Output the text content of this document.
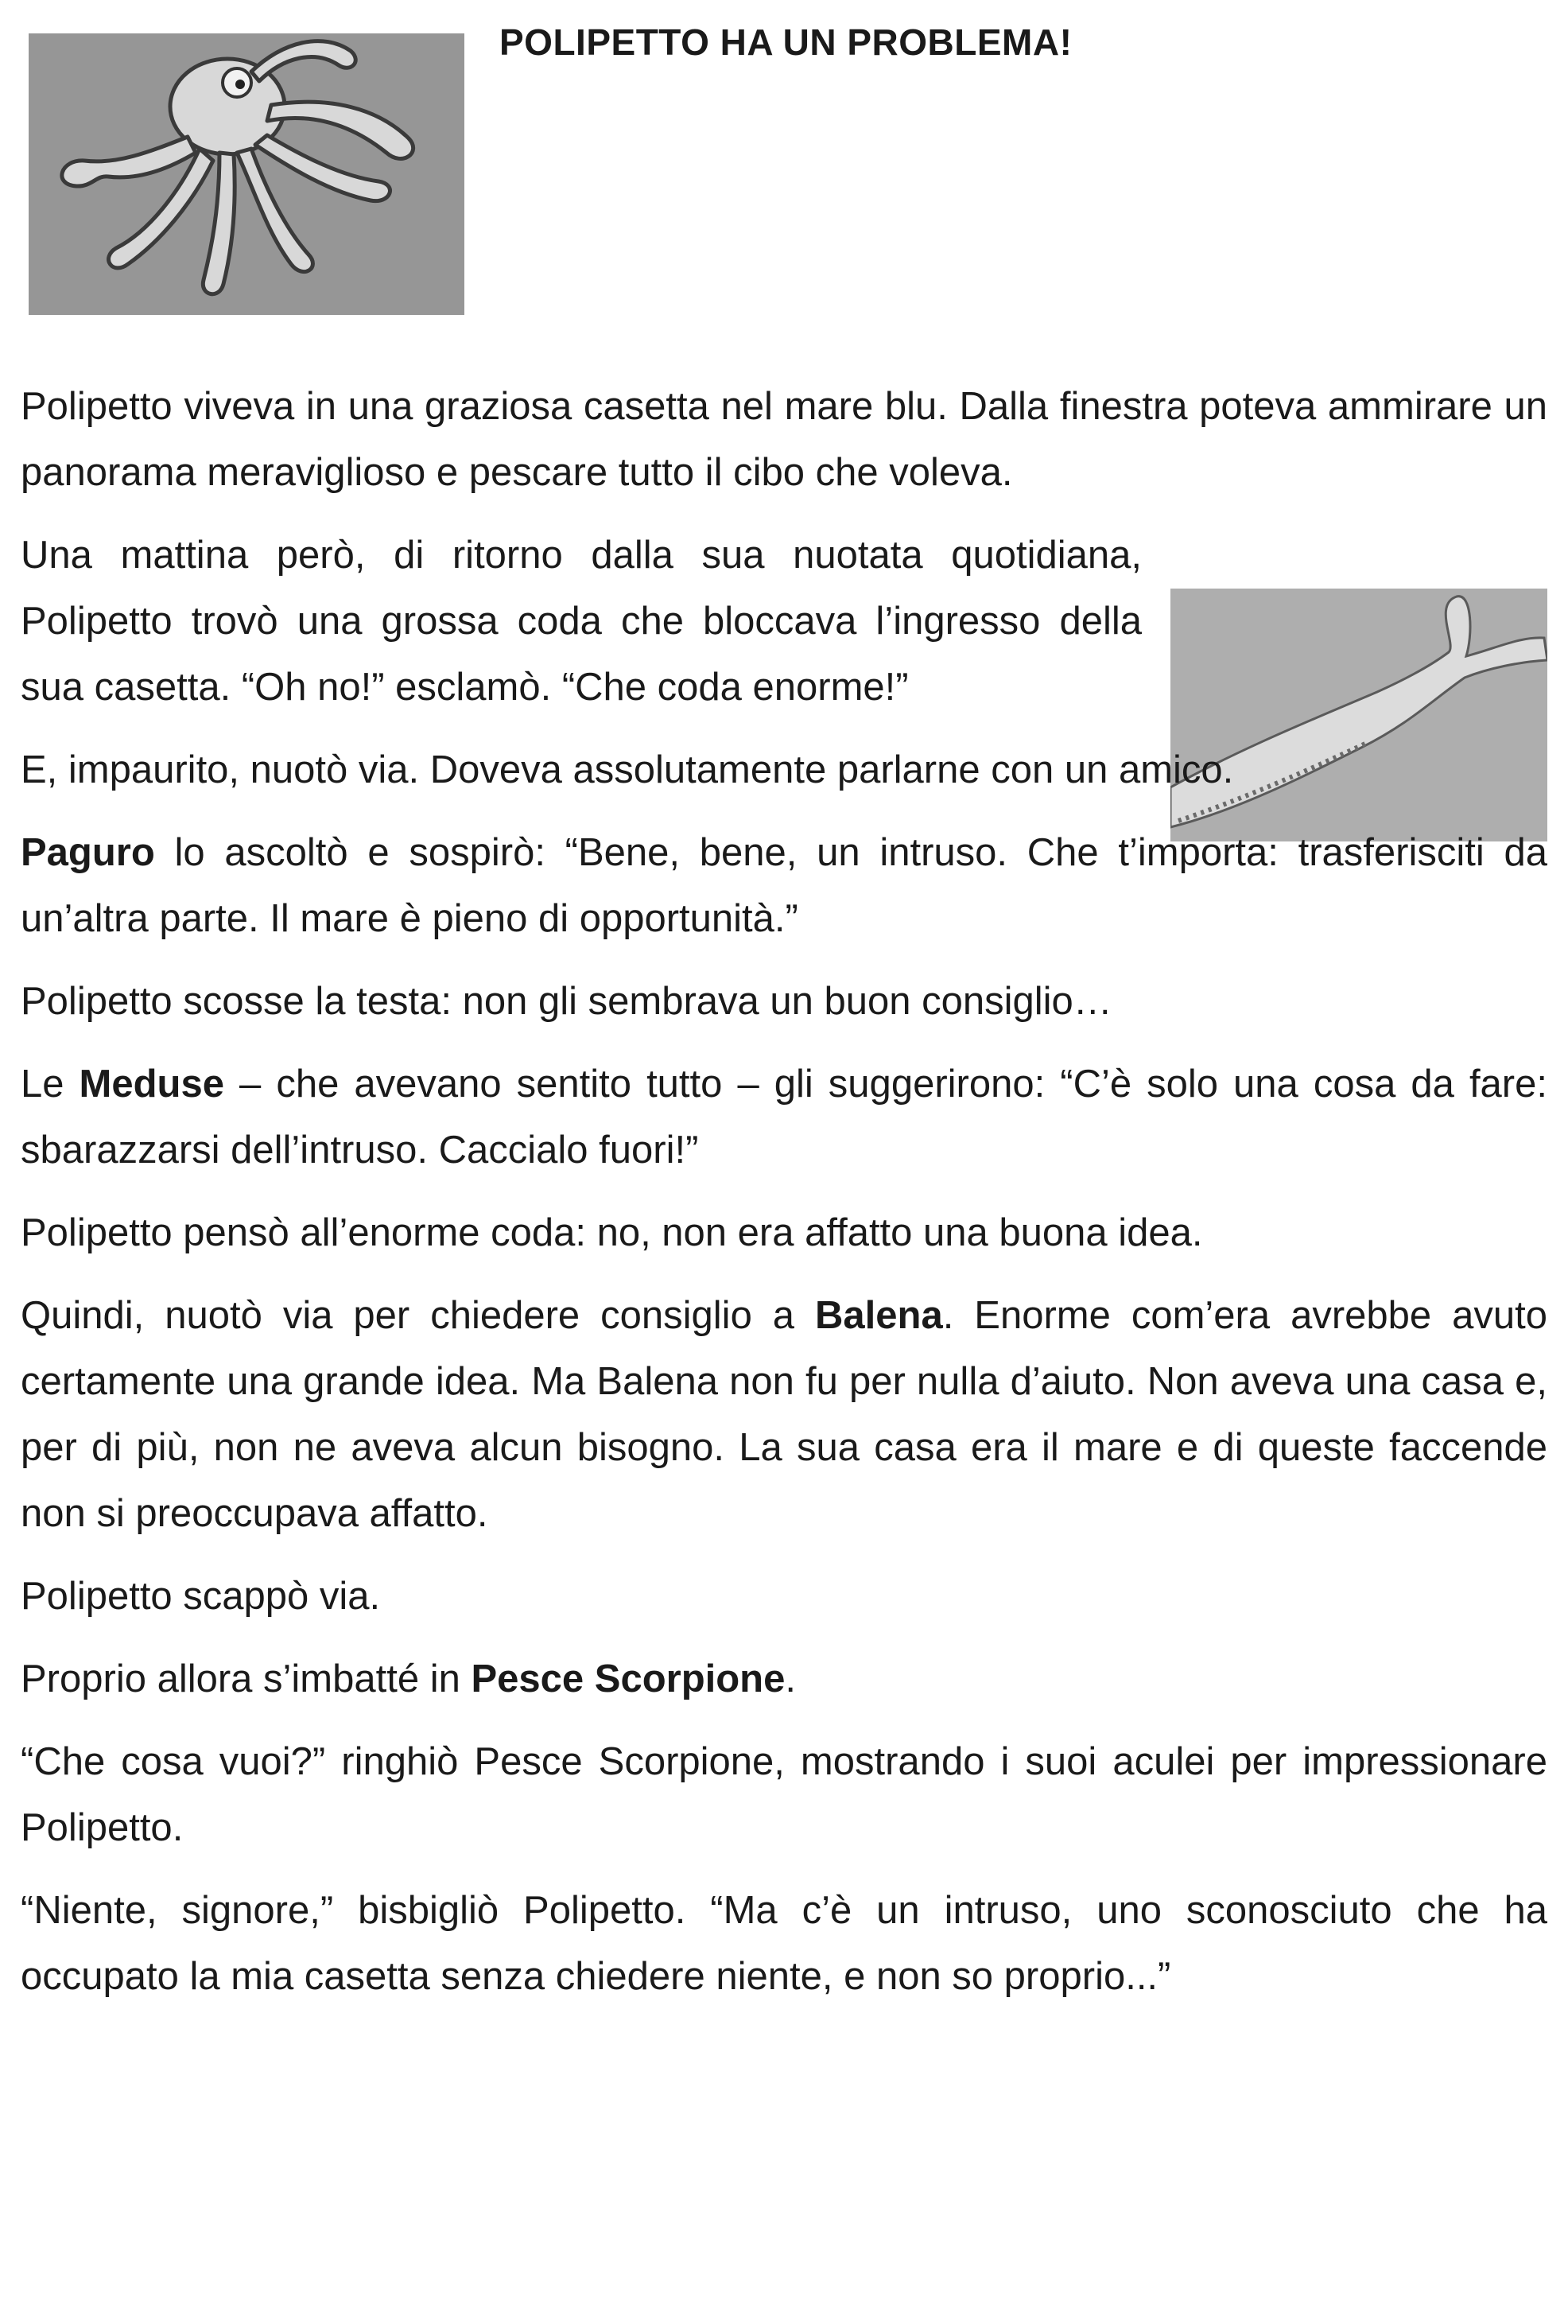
POLIPETTO HA UN PROBLEMA!

Polipetto viveva in una graziosa casetta nel mare blu. Dalla finestra poteva ammirare un panorama meraviglioso e pescare tutto il cibo che voleva.

Una mattina però, di ritorno dalla sua nuotata quotidiana, Polipetto trovò una grossa coda che bloccava l’ingresso della sua casetta. “Oh no!” esclamò. “Che coda enorme!”

E, impaurito, nuotò via. Doveva assolutamente parlarne con un amico.

Paguro lo ascoltò e sospirò: “Bene, bene, un intruso. Che t’importa: trasferisciti da un’altra parte. Il mare è pieno di opportunità.”

Polipetto scosse la testa: non gli sembrava un buon consiglio…

Le Meduse – che avevano sentito tutto – gli suggerirono: “C’è solo una cosa da fare: sbarazzarsi dell’intruso. Caccialo fuori!”

Polipetto pensò all’enorme coda: no, non era affatto una buona idea.

Quindi, nuotò via per chiedere consiglio a Balena. Enorme com’era avrebbe avuto certamente una grande idea. Ma Balena non fu per nulla d’aiuto. Non aveva una casa e, per di più, non ne aveva alcun bisogno. La sua casa era il mare e di queste faccende non si preoccupava affatto.

Polipetto scappò via.

Proprio allora s’imbatté in Pesce Scorpione.

“Che cosa vuoi?” ringhiò Pesce Scorpione, mostrando i suoi aculei per impressionare Polipetto.

“Niente, signore,” bisbigliò Polipetto. “Ma c’è un intruso, uno sconosciuto che ha occupato la mia casetta senza chiedere niente, e non so proprio...”
